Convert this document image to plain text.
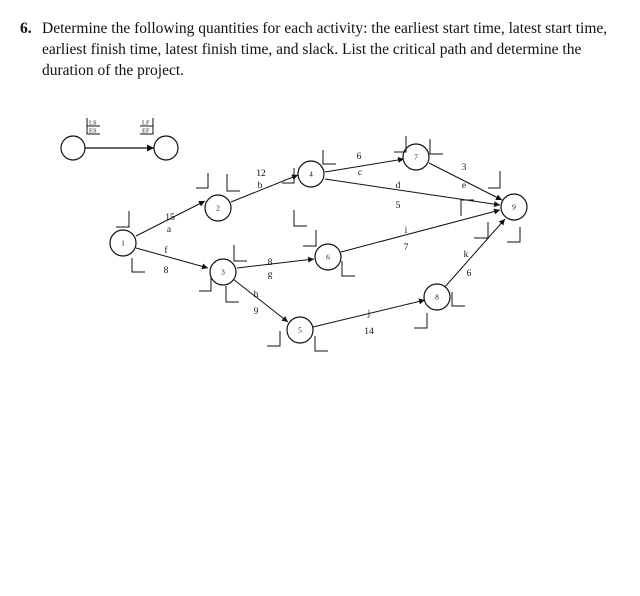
6. Determine the following quantities for each activity: the earliest start time, latest start time, earliest finish time, latest finish time, and slack. List the critical path and determine the duration of the project.
LS
ES
LF
EF
1
2
3
4
5
6
7
8
9
a
b
c
d	e
f
g
h
i
j
k
15
12
6
5
3
8
8
9
7
14
6
